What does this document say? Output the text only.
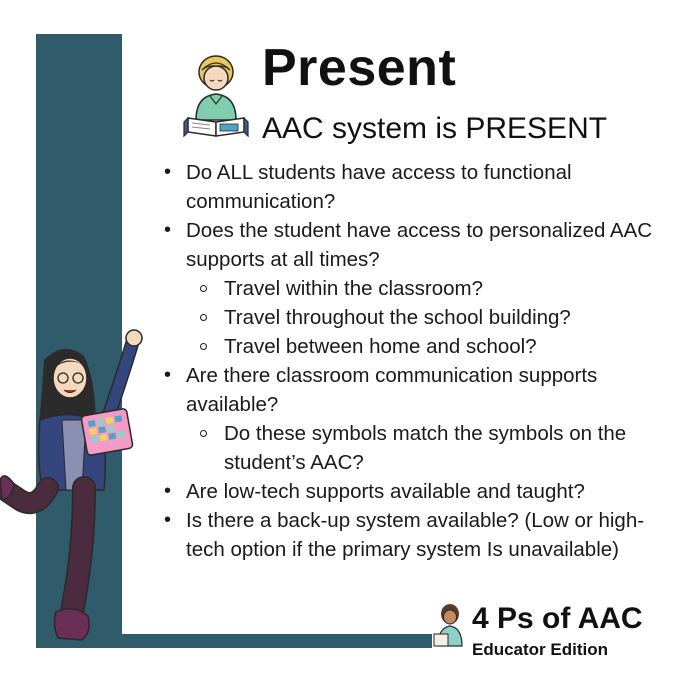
Present
AAC system is PRESENT
• Do ALL students have access to functional communication?
• Does the student have access to personalized AAC supports at all times?
Travel within the classroom?
Travel throughout the school building?
Travel between home and school?
• Are there classroom communication supports available?
Do these symbols match the symbols on the student’s AAC?
• Are low-tech supports available and taught?
• Is there a back-up system available? (Low or high-tech option if the primary system Is unavailable)
4 Ps of AAC
Educator Edition
